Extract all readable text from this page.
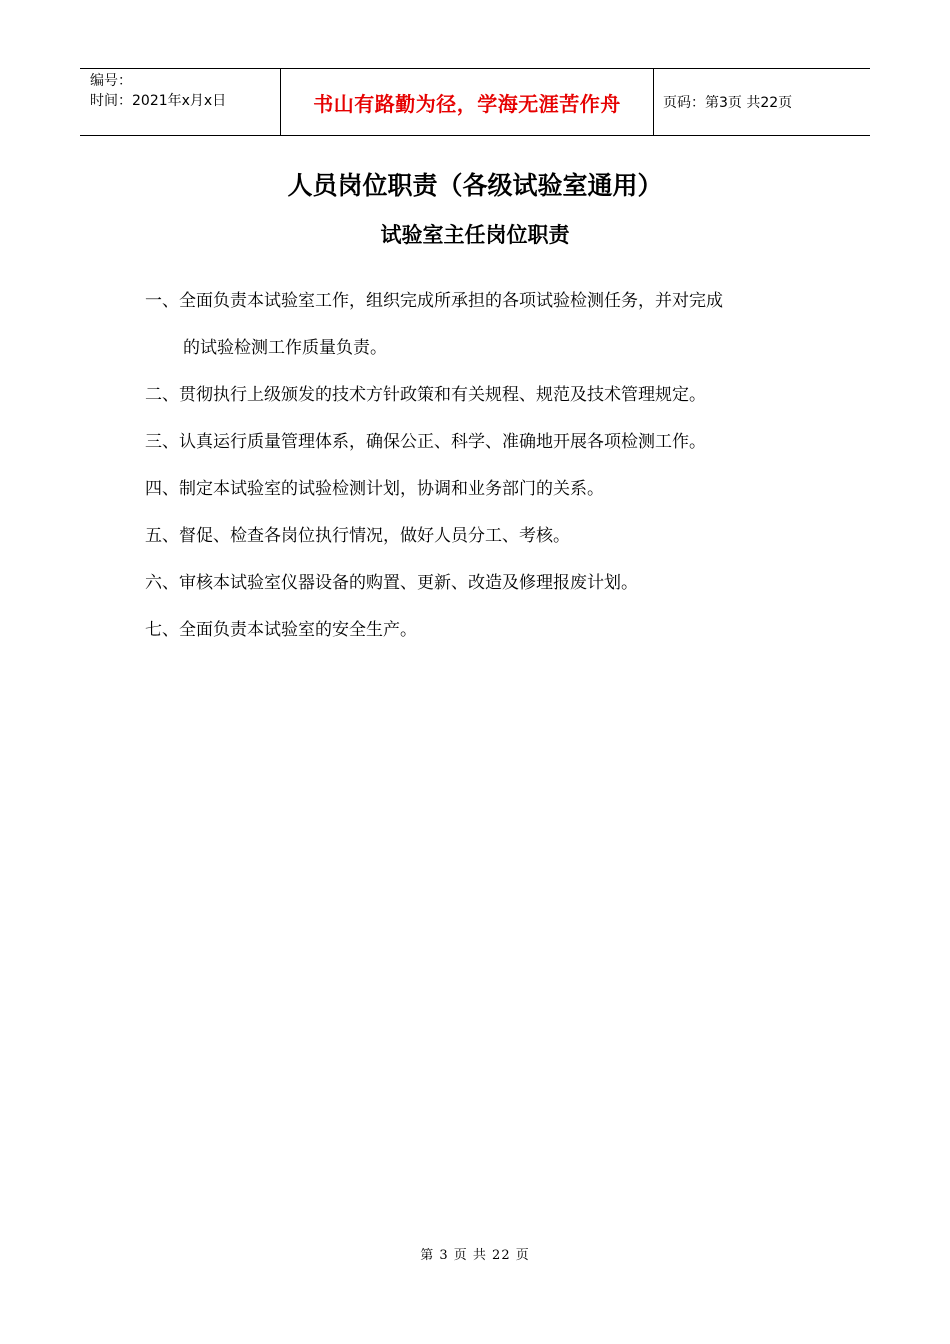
编号：
时间：2021年x月x日	书山有路勤为径，学海无涯苦作舟	页码：第3页 共22页
人员岗位职责（各级试验室通用）
试验室主任岗位职责
一、全面负责本试验室工作，组织完成所承担的各项试验检测任务，并对完成
的试验检测工作质量负责。
二、贯彻执行上级颁发的技术方针政策和有关规程、规范及技术管理规定。
三、认真运行质量管理体系，确保公正、科学、准确地开展各项检测工作。
四、制定本试验室的试验检测计划，协调和业务部门的关系。
五、督促、检查各岗位执行情况，做好人员分工、考核。
六、审核本试验室仪器设备的购置、更新、改造及修理报废计划。
七、全面负责本试验室的安全生产。
第 3 页 共 22 页
